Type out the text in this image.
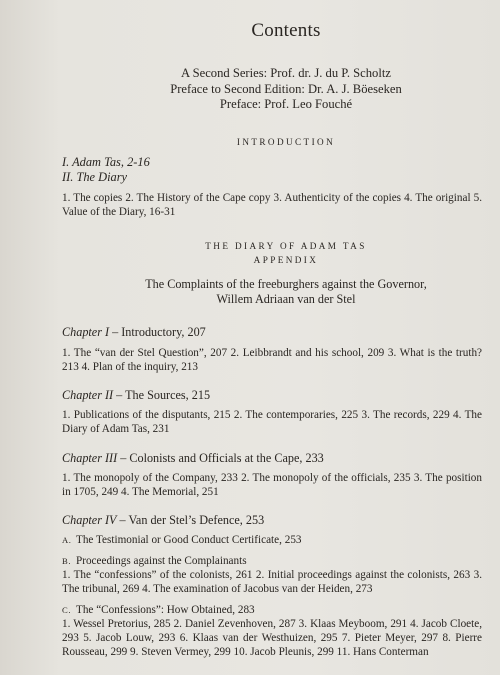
Contents
A Second Series: Prof. dr. J. du P. Scholtz
Preface to Second Edition: Dr. A. J. Böeseken
Preface: Prof. Leo Fouché
INTRODUCTION
I. Adam Tas, 2-16
II. The Diary
1. The copies 2. The History of the Cape copy 3. Authenticity of the copies 4. The original 5. Value of the Diary, 16-31
THE DIARY OF ADAM TAS
APPENDIX
The Complaints of the freeburghers against the Governor,
Willem Adriaan van der Stel
Chapter I – Introductory, 207
1. The “van der Stel Question”, 207 2. Leibbrandt and his school, 209 3. What is the truth? 213 4. Plan of the inquiry, 213
Chapter II – The Sources, 215
1. Publications of the disputants, 215 2. The contemporaries, 225 3. The records, 229 4. The Diary of Adam Tas, 231
Chapter III – Colonists and Officials at the Cape, 233
1. The monopoly of the Company, 233 2. The monopoly of the officials, 235 3. The position in 1705, 249 4. The Memorial, 251
Chapter IV – Van der Stel’s Defence, 253
A. The Testimonial or Good Conduct Certificate, 253
B. Proceedings against the Complainants
1. The “confessions” of the colonists, 261 2. Initial proceedings against the colonists, 263 3. The tribunal, 269 4. The examination of Jacobus van der Heiden, 273
C. The “Confessions”: How Obtained, 283
1. Wessel Pretorius, 285 2. Daniel Zevenhoven, 287 3. Klaas Meyboom, 291 4. Jacob Cloete, 293 5. Jacob Louw, 293 6. Klaas van der Westhuizen, 295 7. Pieter Meyer, 297 8. Pierre Rousseau, 299 9. Steven Vermey, 299 10. Jacob Pleunis, 299 11. Hans Conterman
